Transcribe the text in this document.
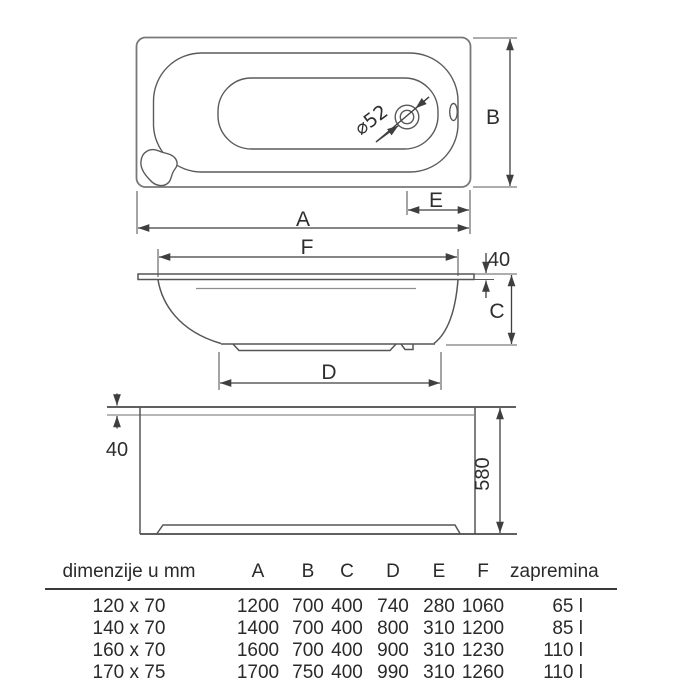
⌀52	B
A
E
F
40
C
D
40
580
dimenzije u mm	A	B	C	D	E	F	zapremina
120 x 70	1200 700 400 740 280 1060	65 l
140 x 70	1400 700 400 800 310 1200	85 l
160 x 70	1600 700 400 900 310 1230	110 l
170 x 75	1700 750 400 990 310 1260	110 l
